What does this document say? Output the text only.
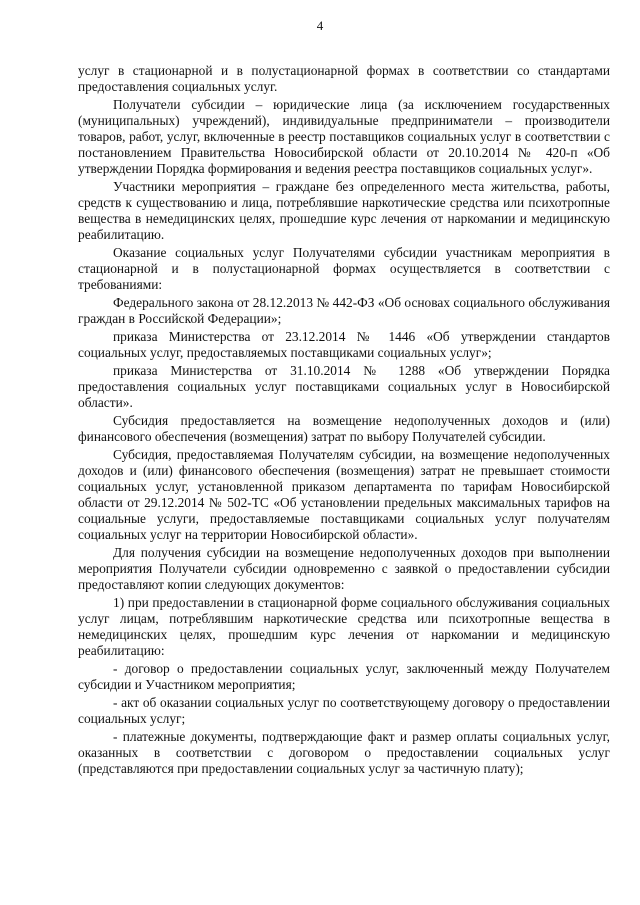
4

услуг в стационарной и в полустационарной формах в соответствии со стандартами предоставления социальных услуг.

Получатели субсидии – юридические лица (за исключением государственных (муниципальных) учреждений), индивидуальные предприниматели – производители товаров, работ, услуг, включенные в реестр поставщиков социальных услуг в соответствии с постановлением Правительства Новосибирской области от 20.10.2014 № 420-п «Об утверждении Порядка формирования и ведения реестра поставщиков социальных услуг».

Участники мероприятия – граждане без определенного места жительства, работы, средств к существованию и лица, потреблявшие наркотические средства или психотропные вещества в немедицинских целях, прошедшие курс лечения от наркомании и медицинскую реабилитацию.

Оказание социальных услуг Получателями субсидии участникам мероприятия в стационарной и в полустационарной формах осуществляется в соответствии с требованиями:

Федерального закона от 28.12.2013 № 442-ФЗ «Об основах социального обслуживания граждан в Российской Федерации»;

приказа Министерства от 23.12.2014 № 1446 «Об утверждении стандартов социальных услуг, предоставляемых поставщиками социальных услуг»;

приказа Министерства от 31.10.2014 № 1288 «Об утверждении Порядка предоставления социальных услуг поставщиками социальных услуг в Новосибирской области».

Субсидия предоставляется на возмещение недополученных доходов и (или) финансового обеспечения (возмещения) затрат по выбору Получателей субсидии.

Субсидия, предоставляемая Получателям субсидии, на возмещение недополученных доходов и (или) финансового обеспечения (возмещения) затрат не превышает стоимости социальных услуг, установленной приказом департамента по тарифам Новосибирской области от 29.12.2014 № 502-ТС «Об установлении предельных максимальных тарифов на социальные услуги, предоставляемые поставщиками социальных услуг получателям социальных услуг на территории Новосибирской области».

Для получения субсидии на возмещение недополученных доходов при выполнении мероприятия Получатели субсидии одновременно с заявкой о предоставлении субсидии предоставляют копии следующих документов:

1) при предоставлении в стационарной форме социального обслуживания социальных услуг лицам, потреблявшим наркотические средства или психотропные вещества в немедицинских целях, прошедшим курс лечения от наркомании и медицинскую реабилитацию:

- договор о предоставлении социальных услуг, заключенный между Получателем субсидии и Участником мероприятия;

- акт об оказании социальных услуг по соответствующему договору о предоставлении социальных услуг;

- платежные документы, подтверждающие факт и размер оплаты социальных услуг, оказанных в соответствии с договором о предоставлении социальных услуг (представляются при предоставлении социальных услуг за частичную плату);
